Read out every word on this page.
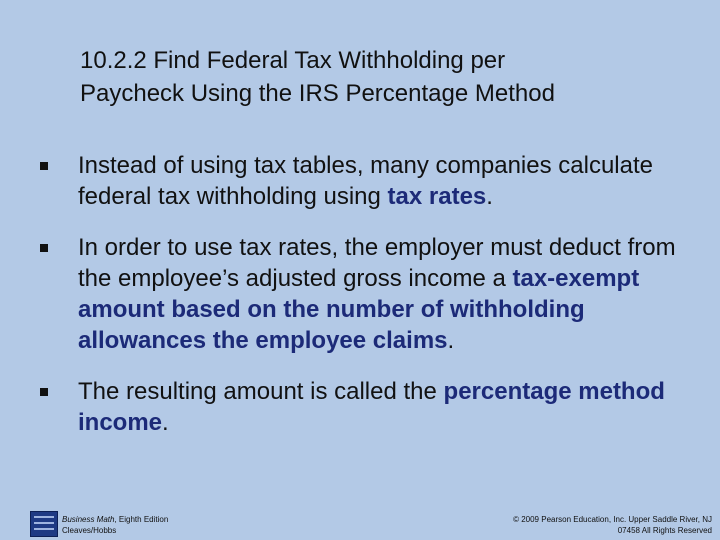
10.2.2 Find Federal Tax Withholding per
Paycheck Using the IRS Percentage Method
Instead of using tax tables, many companies calculate federal tax withholding using tax rates.
In order to use tax rates, the employer must deduct from the employee’s adjusted gross income a tax-exempt amount based on the number of withholding allowances the employee claims.
The resulting amount is called the percentage method income.
Business Math, Eighth Edition
Cleaves/Hobbs
© 2009 Pearson Education, Inc. Upper Saddle River, NJ
07458 All Rights Reserved
